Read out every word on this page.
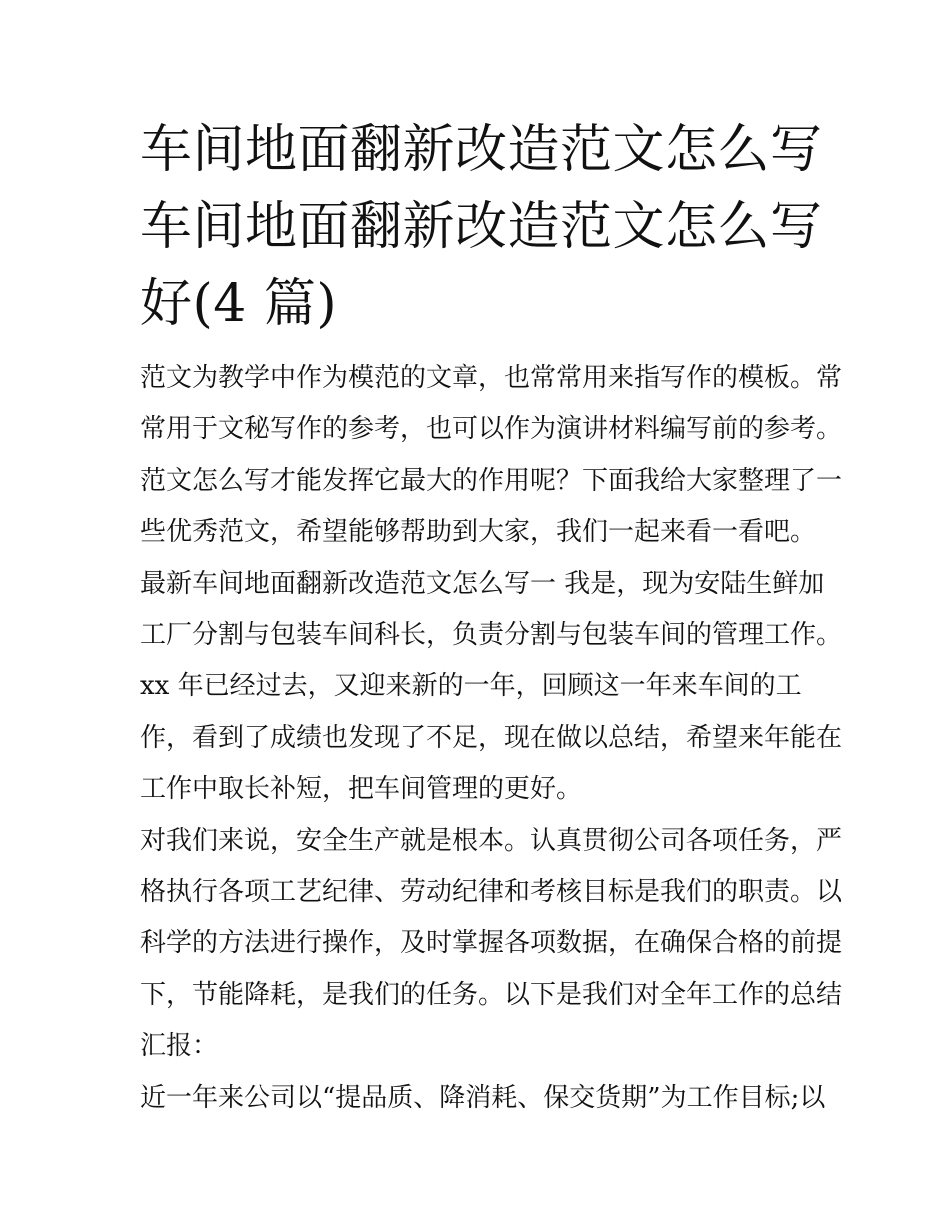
车间地面翻新改造范文怎么写
车间地面翻新改造范文怎么写
好(4 篇)
范文为教学中作为模范的文章，也常常用来指写作的模板。常
常用于文秘写作的参考，也可以作为演讲材料编写前的参考。
范文怎么写才能发挥它最大的作用呢？下面我给大家整理了一
些优秀范文，希望能够帮助到大家，我们一起来看一看吧。
最新车间地面翻新改造范文怎么写一 我是，现为安陆生鲜加
工厂分割与包装车间科长，负责分割与包装车间的管理工作。
xx 年已经过去，又迎来新的一年，回顾这一年来车间的工
作，看到了成绩也发现了不足，现在做以总结，希望来年能在
工作中取长补短，把车间管理的更好。
对我们来说，安全生产就是根本。认真贯彻公司各项任务，严
格执行各项工艺纪律、劳动纪律和考核目标是我们的职责。以
科学的方法进行操作，及时掌握各项数据，在确保合格的前提
下，节能降耗，是我们的任务。以下是我们对全年工作的总结
汇报：
近一年来公司以“提品质、降消耗、保交货期”为工作目标;以
